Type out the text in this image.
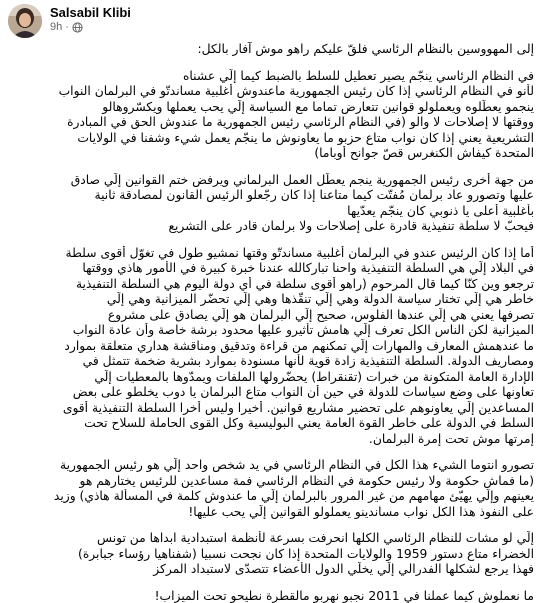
Salsabil Klibi
9h ·
إلى المهووسين بالنظام الرئاسي فلقّ عليكم راهو موش آفار بالكل:
في النظام الرئاسي ينجّم يصير تعطيل للسلط بالضبط كيما إلّي عشناه
لأنو في النظام الرئاسي إذا كان رئيس الجمهورية ماعندوش أغلبية مساندتّو في البرلمان النواب
ينجمو يعطّلوه ويعملولو قوانين تتعارض تماما مع السياسة إلّي يحب يعملها ويكسّروهالو
ووقتها لا إصلاحات لا والو (في النظام الرئاسي رئيس الجمهورية ما عندوش الحق في المبادرة
التشريعية يعني إذا كان نواب متاع حزبو ما يعاونوش ما ينجّم يعمل شيء وشفنا في الولايات
المتحدة كيفاش الكنغرس قصّ جوانح أوباما)
من جهة أخرى رئيس الجمهورية ينجم يعطّل العمل البرلماني ويرفض ختم القوانين إلّي صادق
عليها وتصورو عاد برلمان مُفتّت كيما متاعنا إذا كان رجّعلو الرئيس القانون لمصادقة ثانية
بأغلبية أعلى يا ذنوبي كان ينجّم يعدّيها
فيحبّ لا سلطة تنفيذية قادرة على إصلاحات ولا برلمان قادر على التشريع
أما إذا كان الرئيس عندو في البرلمان أغلبية مساندتّو وقتها نمشيو طول في تغوّل أقوى سلطة
في البلاد إلّي هي السلطة التنفيذية واحنا تباركالله عندنا خبرة كبيرة في الأمور هاذي ووقتها
ترجعو وين كنّا كيما قال المرحوم (راهو أقوى سلطة في أي دولة اليوم هي السلطة التنفيذية
خاطر هي إلّي تختار سياسة الدولة وهي إلّي تنقّذها وهي إلّي تحضّر الميزانية وهي إلّي
تصرفها يعني هي إلّي عندها الفلوس، صحيح إلّي البرلمان هو إلّي يصادق على مشروع
الميزانية لكن الناس الكل تعرف إلّي هامش تأثيرو عليها محدود برشة خاصة وأن عادة النواب
ما عندهمش المعارف والمهارات إلّي تمكنهم من قراءة وتدقيق ومناقشة هداري متعلقة بموارد
ومصاريف الدولة. السلطة التنفيذية زادة قوية لأنها مسنودة بموارد بشرية ضخمة تتمثل في
الإدارة العامة المتكونة من خبرات (تقنقراط) يحضّرولها الملفات ويمدّوها بالمعطيات إلّي
تعاونها على وضع سياسات للدولة في حين أن النواب متاع البرلمان يا دوب يخلطو على بعض
المساعدين إلّي يعاونوهم على تحضير مشاريع قوانين. أخيرا وليس أخرا السلطة التنفيذية أقوى
السلط في الدولة على خاطر القوة العامة يعني البوليسية وكل القوى الحاملة للسلاح تحت
إمرتها موش تحت إمرة البرلمان.
تصورو انتوما الشيء هذا الكل في النظام الرئاسي في يد شخص واحد إلّي هو رئيس الجمهورية
(ما فماش حكومة ولا رئيس حكومة في النظام الرئاسي فمة مساعدين للرئيس يختارهم هو
يعينهم وإلّي يهيّئ مهامهم من غير المرور بالبرلمان إلّي ما عندوش كلمة في المسألة هاذي) وزيد
على النفوذ هذا الكل نواب مساندينو يعملولو القوانين إلّي يحب عليها!
إلّي لو مشات للنظام الرئاسي الكلها انحرفت بسرعة لأنظمة استبدادية ابداها من تونس
الخضراء متاع دستور 1959 والولايات المتحدة إذا كان نجحت نسبيا (شفناهيا رؤساء جبابرة)
فهذا يرجع لشكلها الفدرالي إلّي يخلّي الدول الأعضاء تتصدّى لاستبداد المركز
ما نعملوش كيما عملنا في 2011 نجبو نهربو مالقطرة نطيحو تحت الميزاب!
